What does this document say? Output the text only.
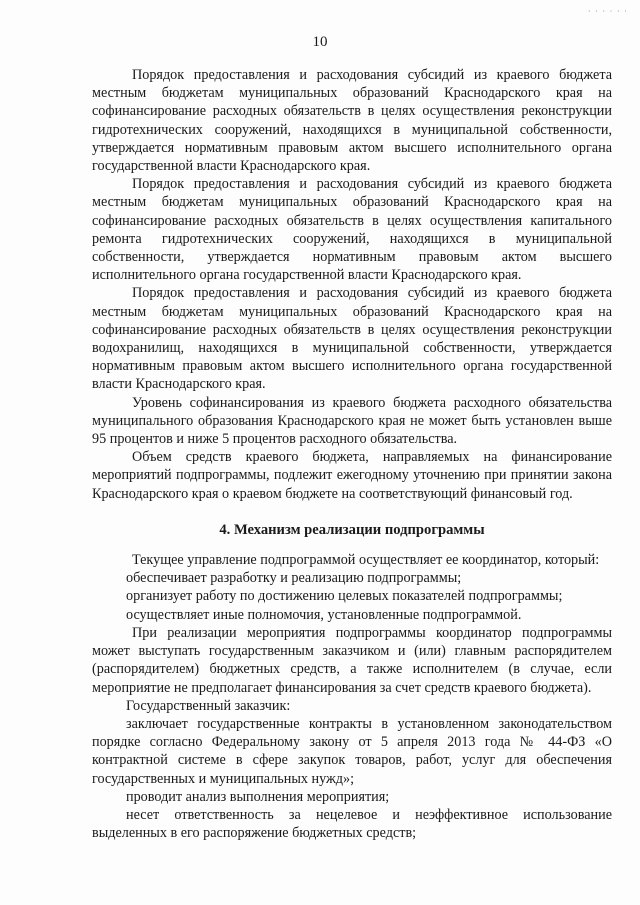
· · · · · ·
10

Порядок предоставления и расходования субсидий из краевого бюджета местным бюджетам муниципальных образований Краснодарского края на софинансирование расходных обязательств в целях осуществления реконструкции гидротехнических сооружений, находящихся в муниципальной собственности, утверждается нормативным правовым актом высшего исполнительного органа государственной власти Краснодарского края.

Порядок предоставления и расходования субсидий из краевого бюджета местным бюджетам муниципальных образований Краснодарского края на софинансирование расходных обязательств в целях осуществления капитального ремонта гидротехнических сооружений, находящихся в муниципальной собственности, утверждается нормативным правовым актом высшего исполнительного органа государственной власти Краснодарского края.

Порядок предоставления и расходования субсидий из краевого бюджета местным бюджетам муниципальных образований Краснодарского края на софинансирование расходных обязательств в целях осуществления реконструкции водохранилищ, находящихся в муниципальной собственности, утверждается нормативным правовым актом высшего исполнительного органа государственной власти Краснодарского края.

Уровень софинансирования из краевого бюджета расходного обязательства муниципального образования Краснодарского края не может быть установлен выше 95 процентов и ниже 5 процентов расходного обязательства.

Объем средств краевого бюджета, направляемых на финансирование мероприятий подпрограммы, подлежит ежегодному уточнению при принятии закона Краснодарского края о краевом бюджете на соответствующий финансовый год.

4. Механизм реализации подпрограммы

Текущее управление подпрограммой осуществляет ее координатор, который:

обеспечивает разработку и реализацию подпрограммы;

организует работу по достижению целевых показателей подпрограммы;

осуществляет иные полномочия, установленные подпрограммой.

При реализации мероприятия подпрограммы координатор подпрограммы может выступать государственным заказчиком и (или) главным распорядителем (распорядителем) бюджетных средств, а также исполнителем (в случае, если мероприятие не предполагает финансирования за счет средств краевого бюджета).

Государственный заказчик:

заключает государственные контракты в установленном законодательством порядке согласно Федеральному закону от 5 апреля 2013 года № 44-ФЗ «О контрактной системе в сфере закупок товаров, работ, услуг для обеспечения государственных и муниципальных нужд»;

проводит анализ выполнения мероприятия;

несет ответственность за нецелевое и неэффективное использование выделенных в его распоряжение бюджетных средств;
